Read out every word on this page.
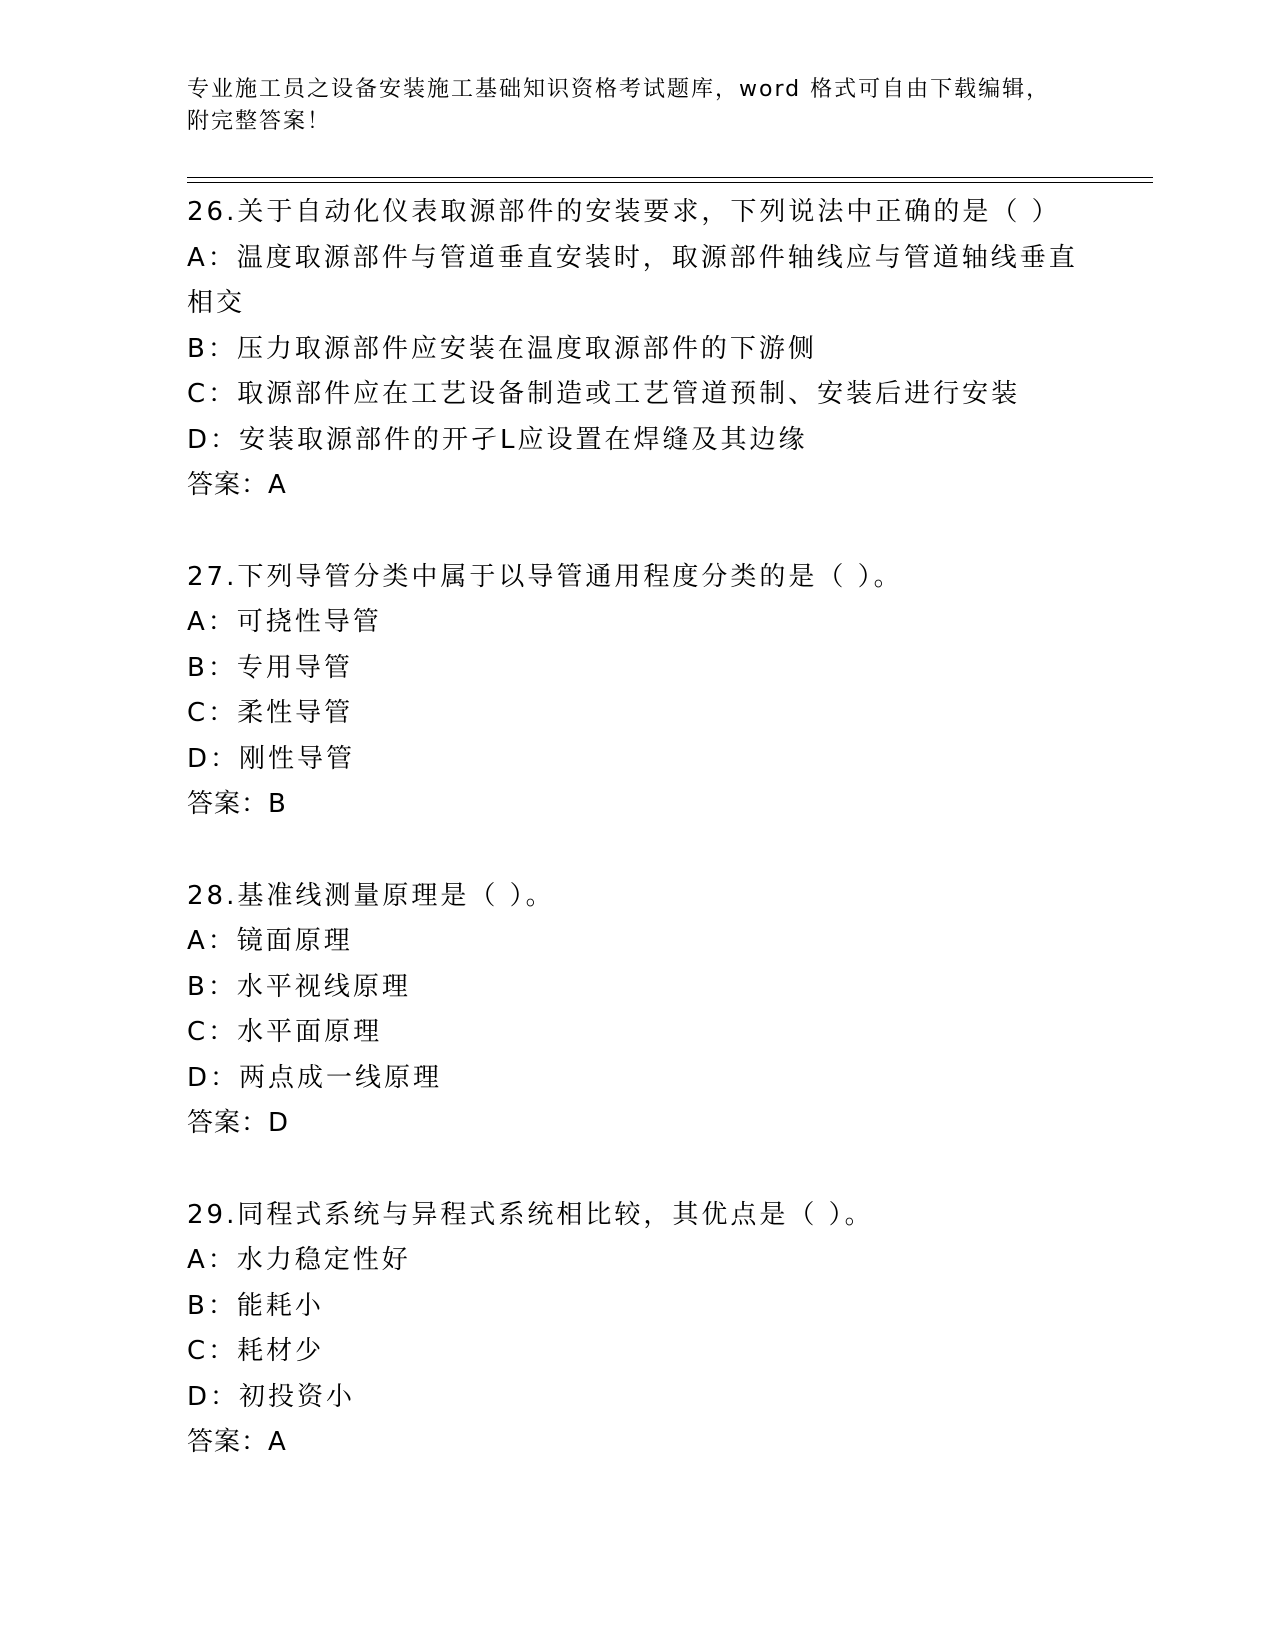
专业施工员之设备安装施工基础知识资格考试题库，word 格式可自由下载编辑，
附完整答案！
26.关于自动化仪表取源部件的安装要求，下列说法中正确的是（ ）
A：温度取源部件与管道垂直安装时，取源部件轴线应与管道轴线垂直
相交
B：压力取源部件应安装在温度取源部件的下游侧
C：取源部件应在工艺设备制造或工艺管道预制、安装后进行安装
D：安装取源部件的开孑L应设置在焊缝及其边缘
答案：A
27.下列导管分类中属于以导管通用程度分类的是（ ）。
A：可挠性导管
B：专用导管
C：柔性导管
D：刚性导管
答案：B
28.基准线测量原理是（ ）。
A：镜面原理
B：水平视线原理
C：水平面原理
D：两点成一线原理
答案：D
29.同程式系统与异程式系统相比较，其优点是（ ）。
A：水力稳定性好
B：能耗小
C：耗材少
D：初投资小
答案：A
